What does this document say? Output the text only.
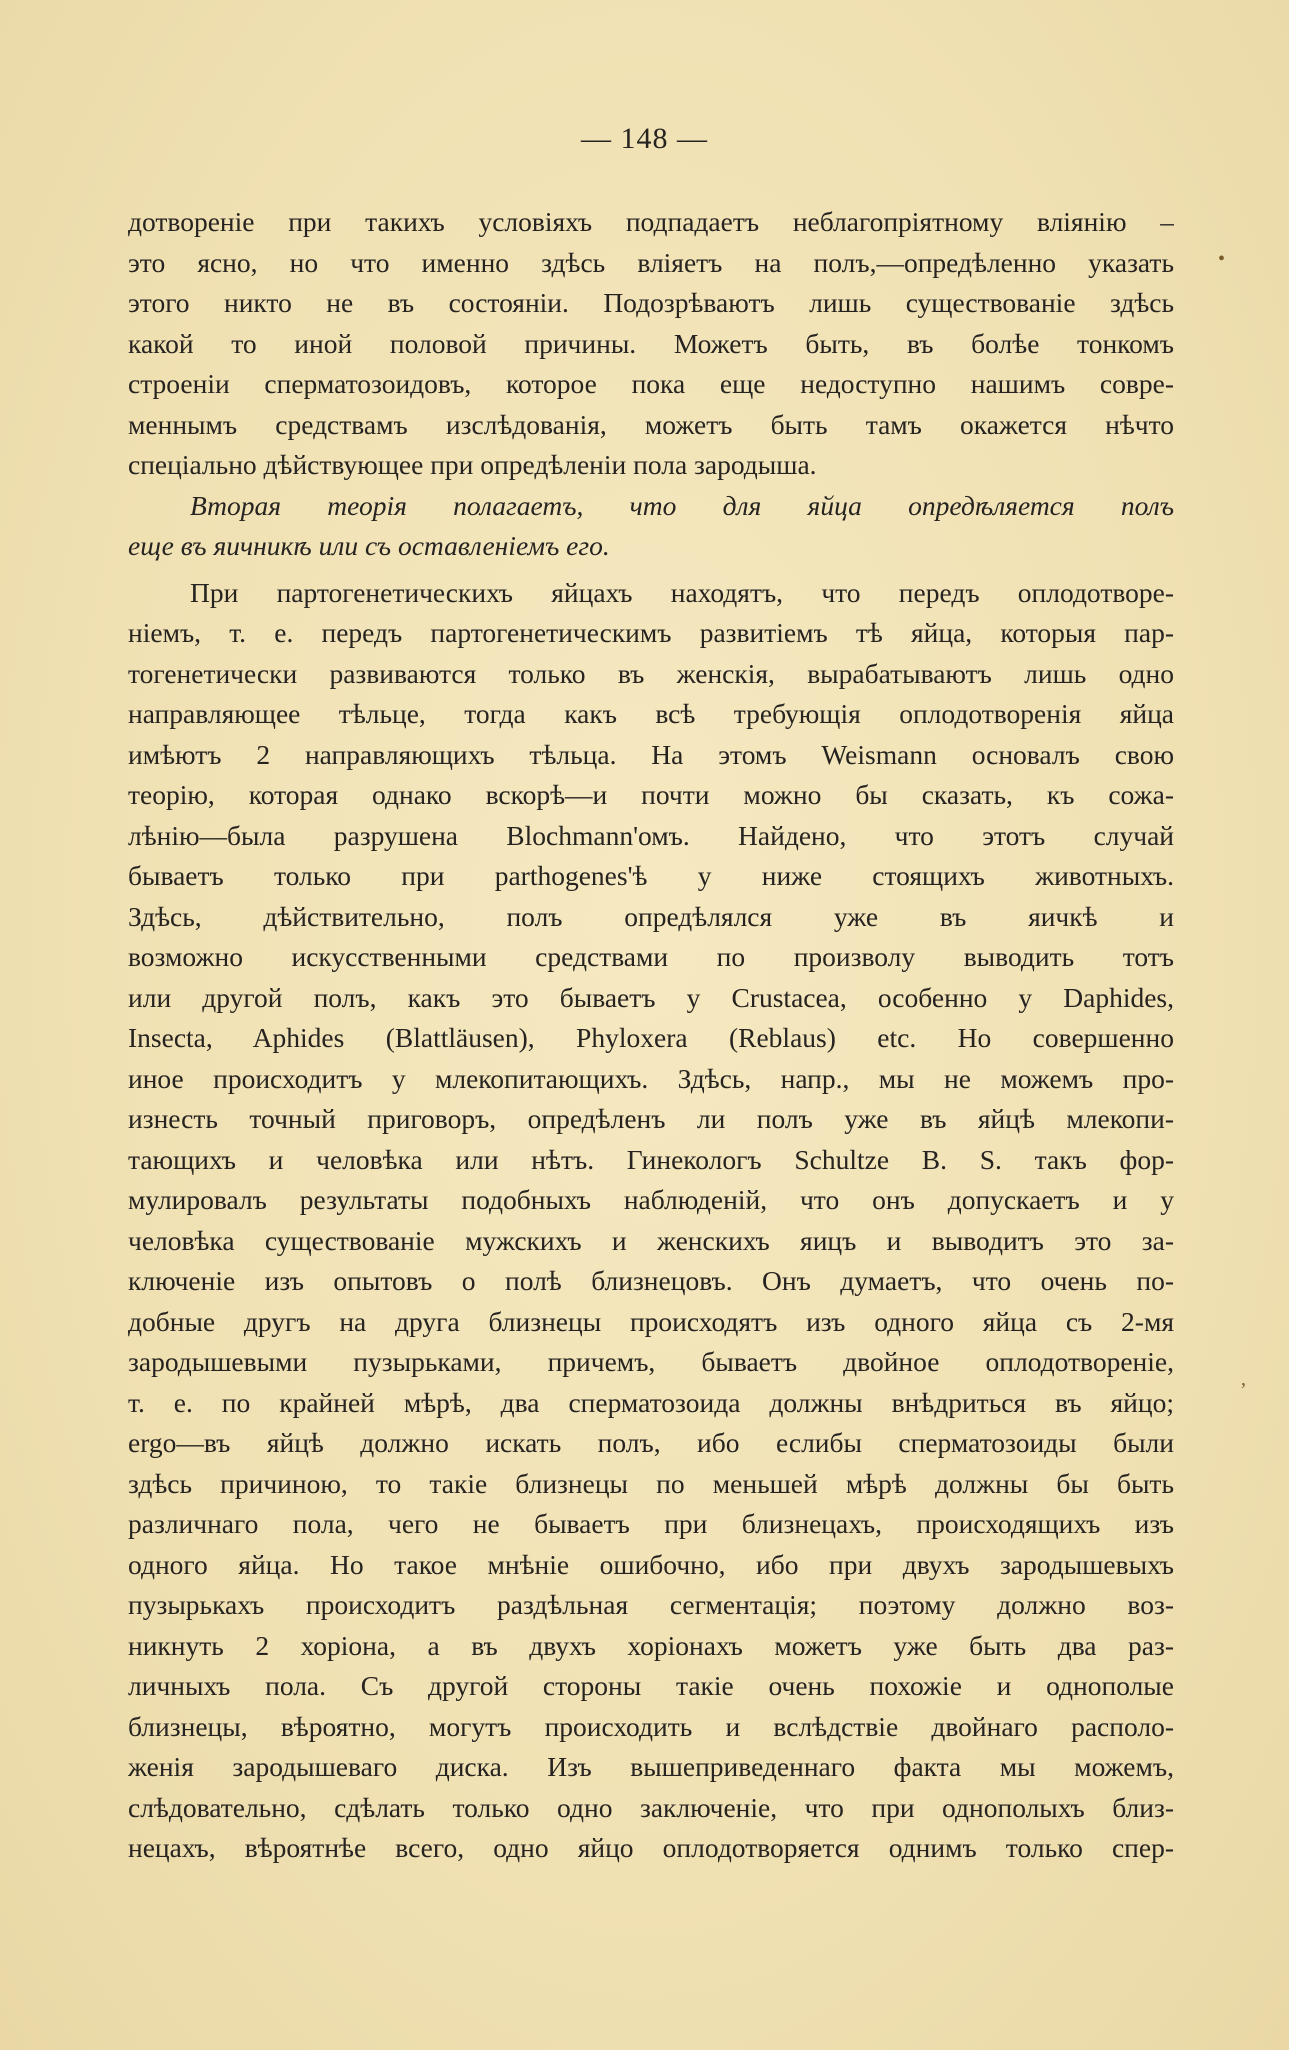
— 148 —
•
дотвореніе при такихъ условіяхъ подпадаетъ неблагопріятному вліянію –
это ясно, но что именно здѣсь вліяетъ на полъ,—опредѣленно указать
этого никто не въ состояніи. Подозрѣваютъ лишь существованіе здѣсь
какой то иной половой причины. Можетъ быть, въ болѣе тонкомъ
строеніи сперматозоидовъ, которое пока еще недоступно нашимъ совре-
меннымъ средствамъ изслѣдованія, можетъ быть тамъ окажется нѣчто
спеціально дѣйствующее при опредѣленіи пола зародыша.
Вторая теорія полагаетъ, что для яйца опредѣляется полъ
еще въ яичникѣ или съ оставленіемъ его.
При партогенетическихъ яйцахъ находятъ, что передъ оплодотворе-
ніемъ, т. е. передъ партогенетическимъ развитіемъ тѣ яйца, которыя пар-
тогенетически развиваются только въ женскія, вырабатываютъ лишь одно
направляющее тѣльце, тогда какъ всѣ требующія оплодотворенія яйца
имѣютъ 2 направляющихъ тѣльца. На этомъ Weismann основалъ свою
теорію, которая однако вскорѣ—и почти можно бы сказать, къ сожа-
лѣнію—была разрушена Blochmann'омъ. Найдено, что этотъ случай
бываетъ только при parthogenes'ѣ у ниже стоящихъ животныхъ.
Здѣсь, дѣйствительно, полъ опредѣлялся уже въ яичкѣ и
возможно искусственными средствами по произволу выводить тотъ
или другой полъ, какъ это бываетъ у Crustacea, особенно у Daphides,
Insecta, Aphides (Blattläusen), Phyloxera (Reblaus) etc. Но совершенно
иное происходитъ у млекопитающихъ. Здѣсь, напр., мы не можемъ про-
изнесть точный приговоръ, опредѣленъ ли полъ уже въ яйцѣ млекопи-
тающихъ и человѣка или нѣтъ. Гинекологъ Schultze B. S. такъ фор-
мулировалъ результаты подобныхъ наблюденій, что онъ допускаетъ и у
человѣка существованіе мужскихъ и женскихъ яицъ и выводитъ это за-
ключеніе изъ опытовъ о полѣ близнецовъ. Онъ думаетъ, что очень по-
добные другъ на друга близнецы происходятъ изъ одного яйца съ 2-мя
зародышевыми пузырьками, причемъ, бываетъ двойное оплодотвореніе,
т. е. по крайней мѣрѣ, два сперматозоида должны внѣдриться въ яйцо;
ergo—въ яйцѣ должно искать полъ, ибо еслибы сперматозоиды были
здѣсь причиною, то такіе близнецы по меньшей мѣрѣ должны бы быть
различнаго пола, чего не бываетъ при близнецахъ, происходящихъ изъ
одного яйца. Но такое мнѣніе ошибочно, ибо при двухъ зародышевыхъ
пузырькахъ происходитъ раздѣльная сегментація; поэтому должно воз-
никнуть 2 хоріона, а въ двухъ хоріонахъ можетъ уже быть два раз-
личныхъ пола. Съ другой стороны такіе очень похожіе и однополые
близнецы, вѣроятно, могутъ происходить и вслѣдствіе двойнаго располо-
женія зародышеваго диска. Изъ вышеприведеннаго факта мы можемъ,
слѣдовательно, сдѣлать только одно заключеніе, что при однополыхъ близ-
нецахъ, вѣроятнѣе всего, одно яйцо оплодотворяется однимъ только спер-
‚
